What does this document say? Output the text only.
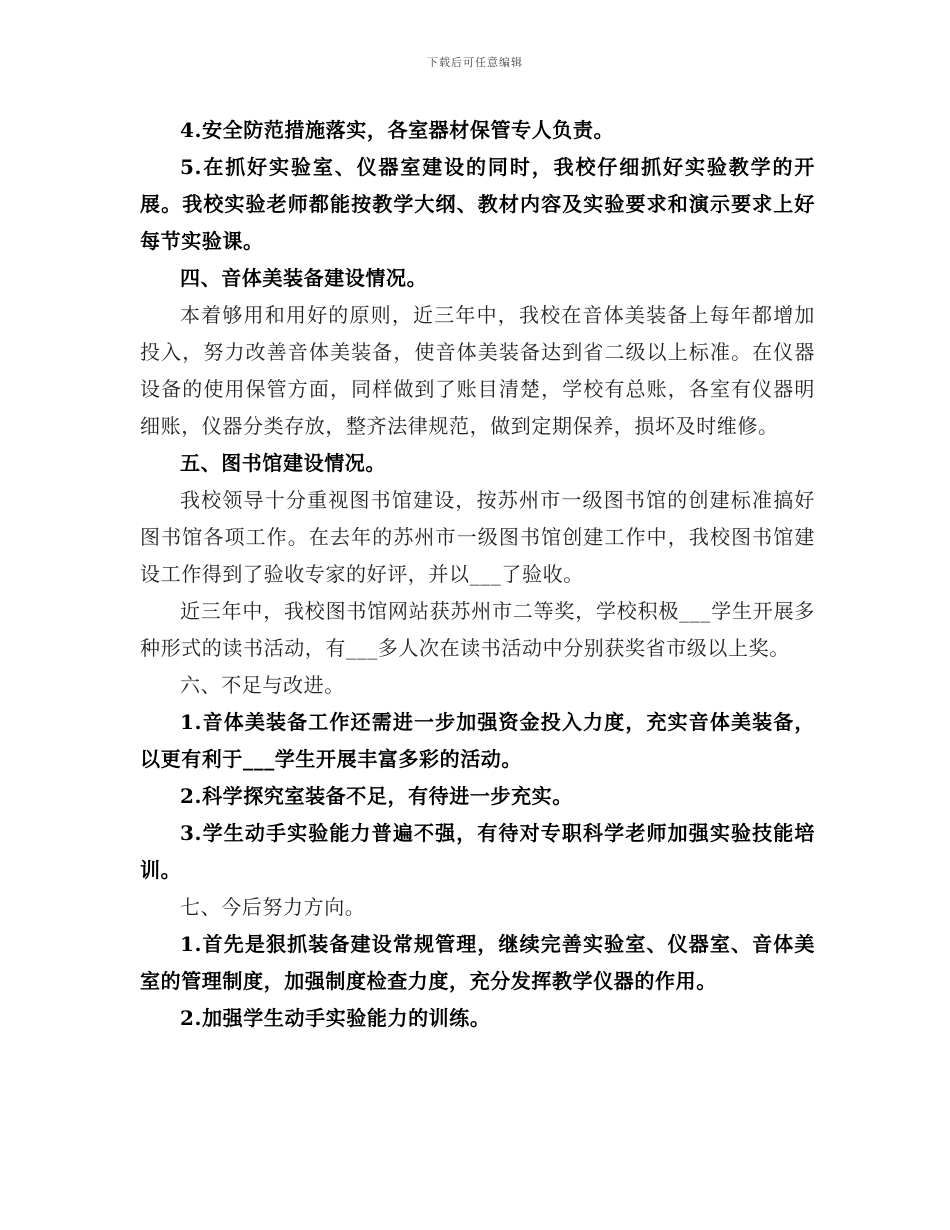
下载后可任意编辑

4.安全防范措施落实，各室器材保管专人负责。

5.在抓好实验室、仪器室建设的同时，我校仔细抓好实验教学的开展。我校实验老师都能按教学大纲、教材内容及实验要求和演示要求上好每节实验课。

四、音体美装备建设情况。

本着够用和用好的原则，近三年中，我校在音体美装备上每年都增加投入，努力改善音体美装备，使音体美装备达到省二级以上标准。在仪器设备的使用保管方面，同样做到了账目清楚，学校有总账，各室有仪器明细账，仪器分类存放，整齐法律规范，做到定期保养，损坏及时维修。

五、图书馆建设情况。

我校领导十分重视图书馆建设，按苏州市一级图书馆的创建标准搞好图书馆各项工作。在去年的苏州市一级图书馆创建工作中，我校图书馆建设工作得到了验收专家的好评，并以___了验收。

近三年中，我校图书馆网站获苏州市二等奖，学校积极___学生开展多种形式的读书活动，有___多人次在读书活动中分别获奖省市级以上奖。

六、不足与改进。

1.音体美装备工作还需进一步加强资金投入力度，充实音体美装备，以更有利于___学生开展丰富多彩的活动。

2.科学探究室装备不足，有待进一步充实。

3.学生动手实验能力普遍不强，有待对专职科学老师加强实验技能培训。

七、今后努力方向。

1.首先是狠抓装备建设常规管理，继续完善实验室、仪器室、音体美室的管理制度，加强制度检查力度，充分发挥教学仪器的作用。

2.加强学生动手实验能力的训练。
